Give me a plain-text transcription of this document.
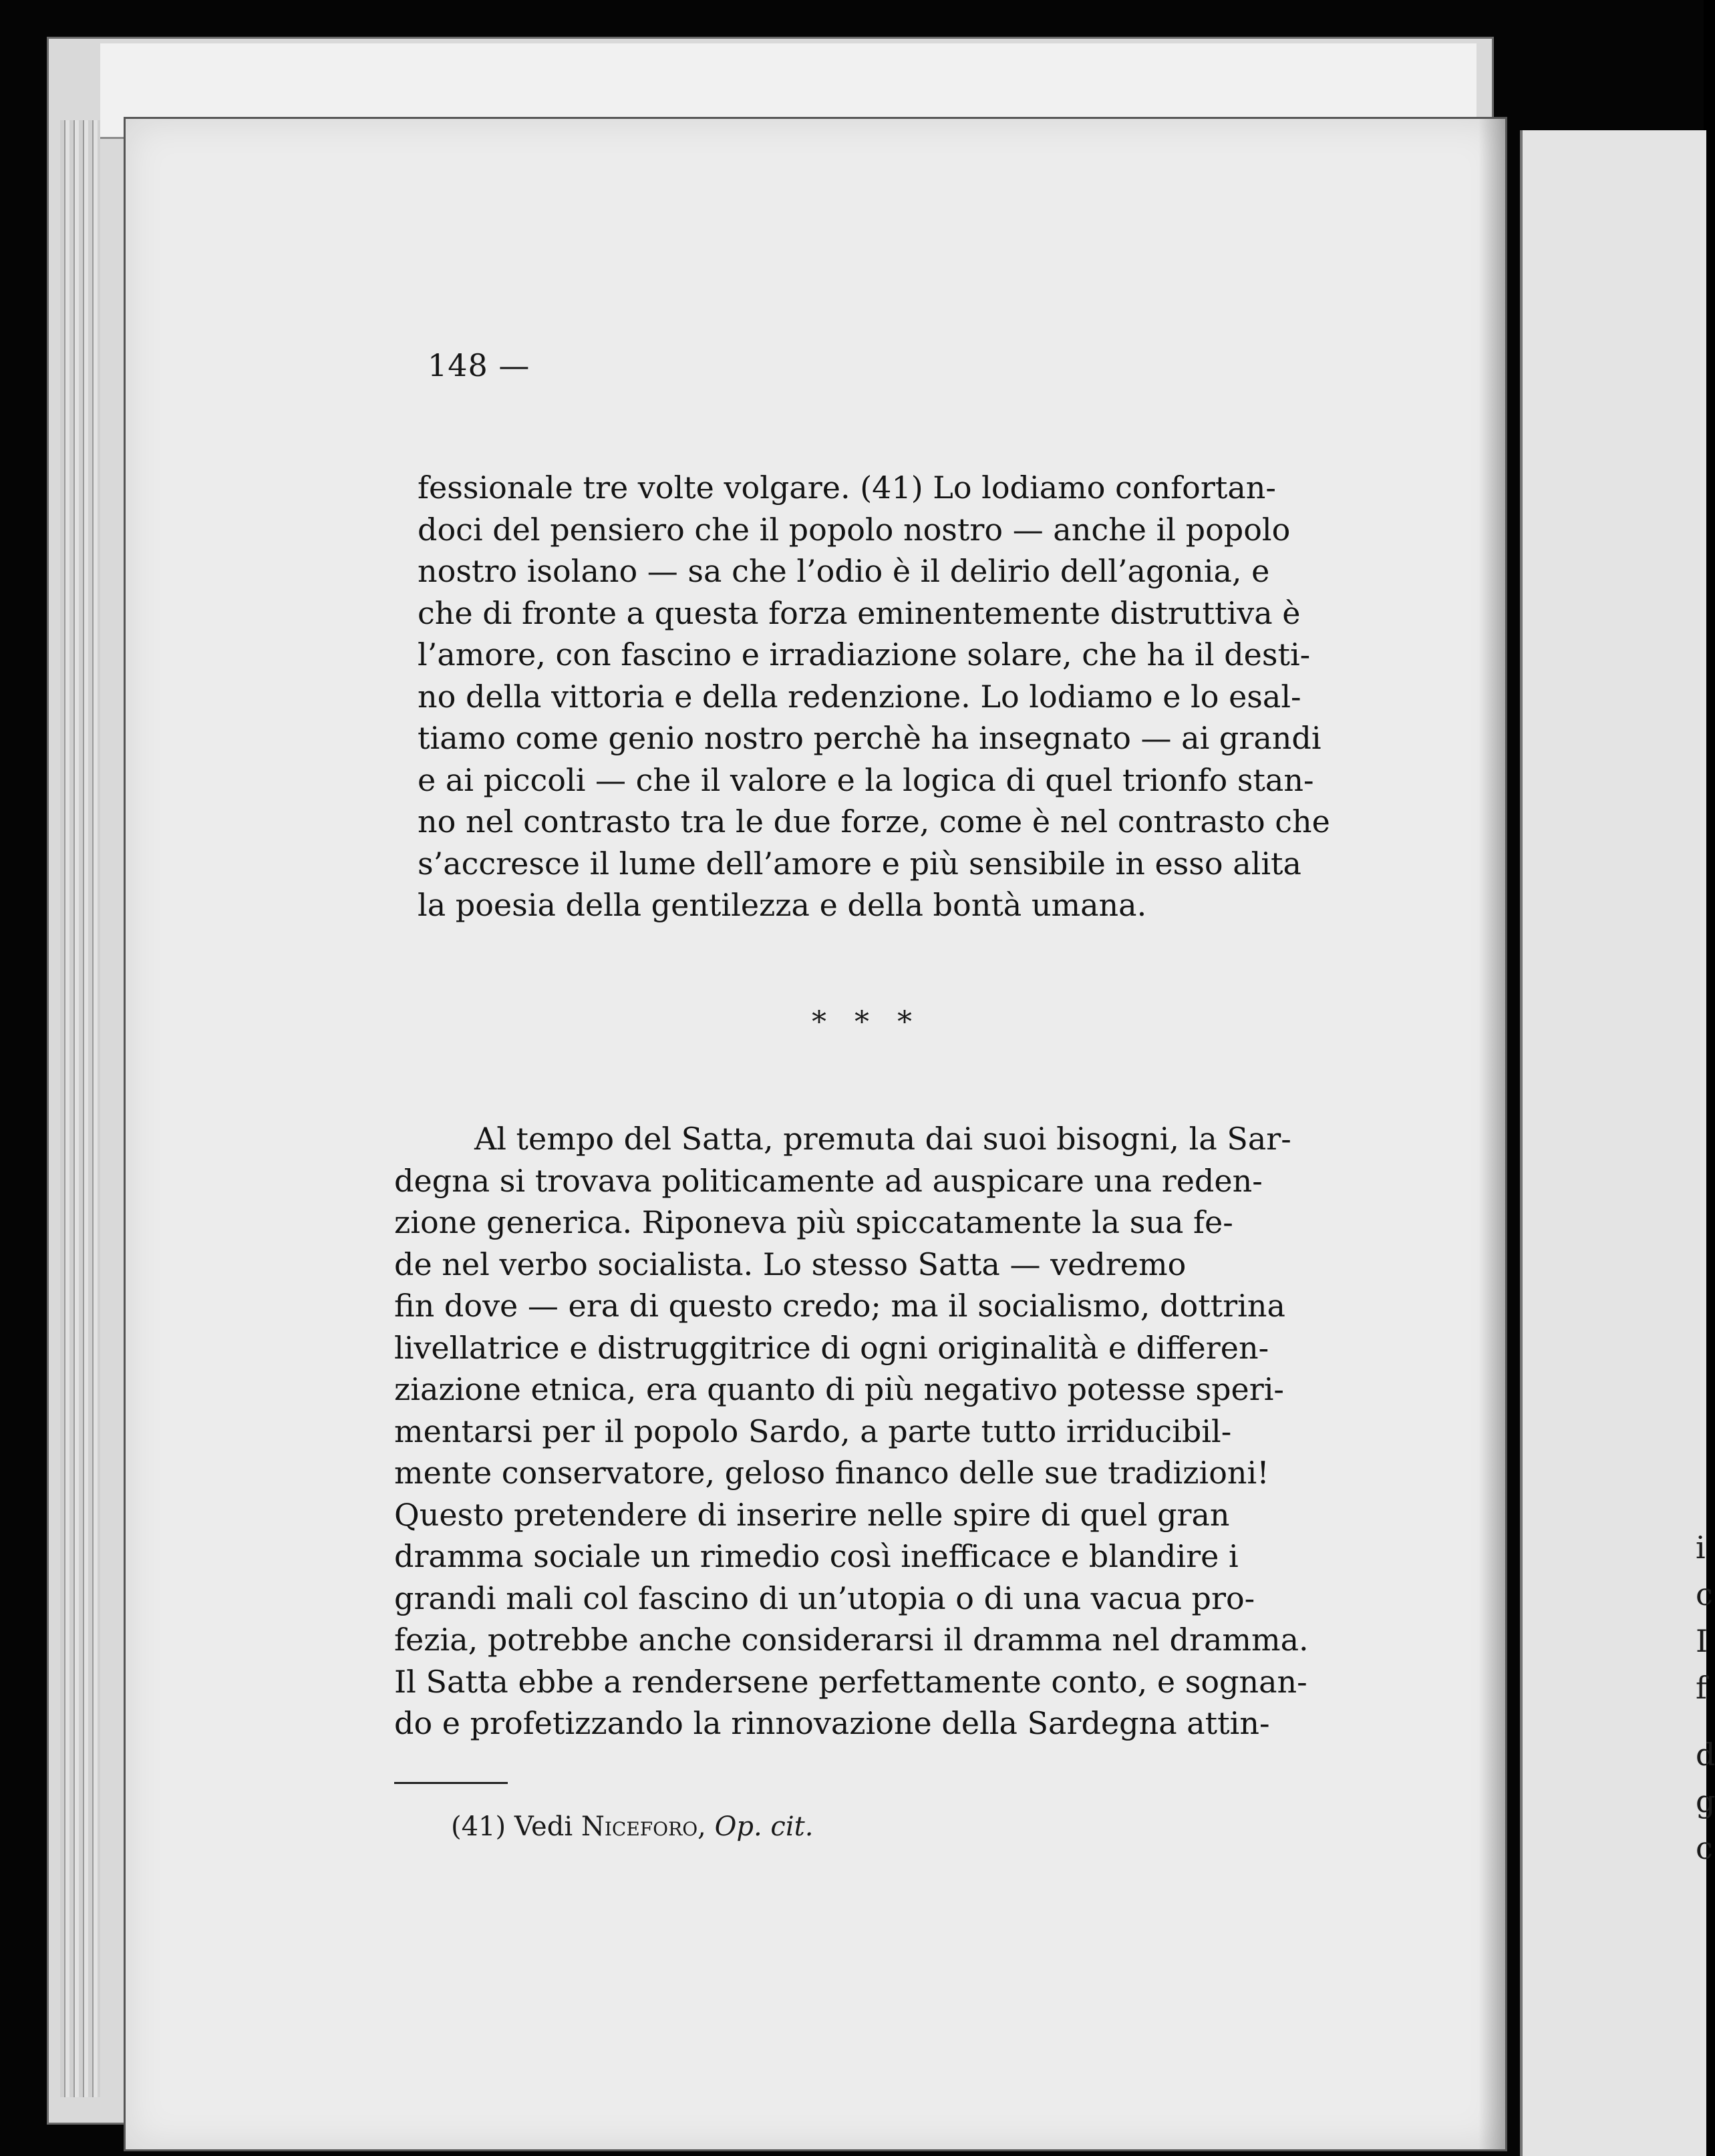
i
c
I
f
d
g
c
148 —
fessionale tre volte volgare. (41) Lo lodiamo confortan-
doci del pensiero che il popolo nostro — anche il popolo
nostro isolano — sa che l’odio è il delirio dell’agonia, e
che di fronte a questa forza eminentemente distruttiva è
l’amore, con fascino e irradiazione solare, che ha il desti-
no della vittoria e della redenzione. Lo lodiamo e lo esal-
tiamo come genio nostro perchè ha insegnato — ai grandi
e ai piccoli — che il valore e la logica di quel trionfo stan-
no nel contrasto tra le due forze, come è nel contrasto che
s’accresce il lume dell’amore e più sensibile in esso alita
la poesia della gentilezza e della bontà umana.
* * *
Al tempo del Satta, premuta dai suoi bisogni, la Sar-
degna si trovava politicamente ad auspicare una reden-
zione generica. Riponeva più spiccatamente la sua fe-
de nel verbo socialista. Lo stesso Satta — vedremo
fin dove — era di questo credo; ma il socialismo, dottrina
livellatrice e distruggitrice di ogni originalità e differen-
ziazione etnica, era quanto di più negativo potesse speri-
mentarsi per il popolo Sardo, a parte tutto irriducibil-
mente conservatore, geloso financo delle sue tradizioni!
Questo pretendere di inserire nelle spire di quel gran
dramma sociale un rimedio così inefficace e blandire i
grandi mali col fascino di un’utopia o di una vacua pro-
fezia, potrebbe anche considerarsi il dramma nel dramma.
Il Satta ebbe a rendersene perfettamente conto, e sognan-
do e profetizzando la rinnovazione della Sardegna attin-
(41) Vedi Niceforo, Op. cit.
